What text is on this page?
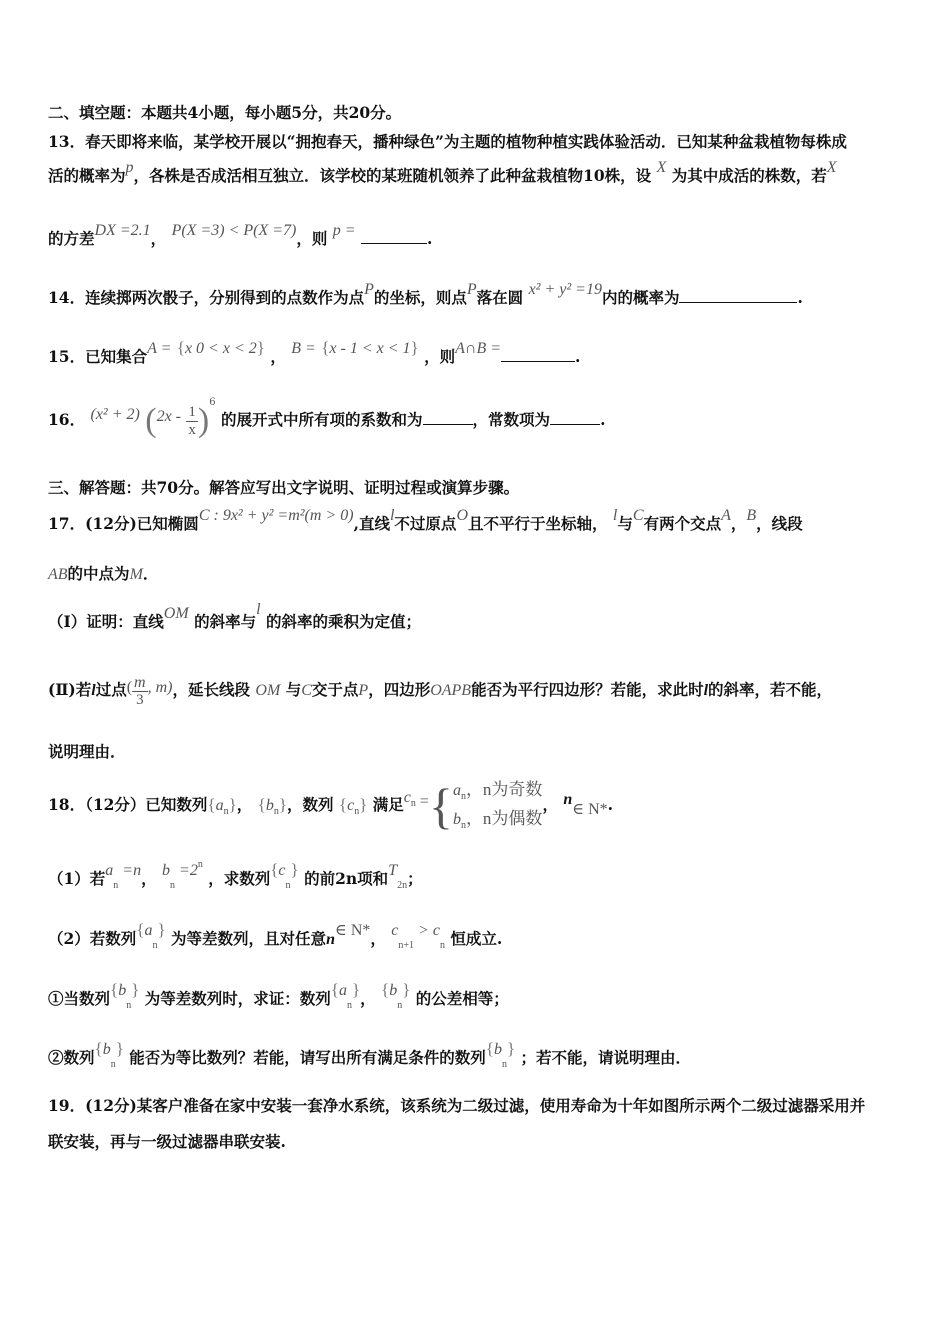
二、填空题：本题共4小题，每小题5分，共20分。
13．春天即将来临，某学校开展以“拥抱春天，播种绿色”为主题的植物种植实践体验活动．已知某种盆栽植物每株成
活的概率为p，各株是否成活相互独立．该学校的某班随机领养了此种盆栽植物10株，设 X 为其中成活的株数，若X
的方差DX =2.1， P(X =3) < P(X =7)，则 p =	.
14．连续掷两次骰子，分别得到的点数作为点P的坐标，则点P落在圆 x² + y² =19内的概率为	.
15．已知集合A = {x 0 < x < 2} ， B = {x - 1 < x < 1} ，则A∩B =	.
16． (x² + 2) $(2x - \frac{1}{x} )^6$ 的展开式中所有项的系数和为	，常数项为	.
三、解答题：共70分。解答应写出文字说明、证明过程或演算步骤。
17．(12分)已知椭圆C : 9x² + y² =m²(m > 0),直线l不过原点O且不平行于坐标轴， l与C有两个交点A，B，线段
AB的中点为M．
（Ⅰ）证明：直线OM 的斜率与l 的斜率的乘积为定值；
(Ⅱ)若l过点( $\frac{m}{3}$ , m)，延长线段 OM 与C交于点P，四边形OAPB能否为平行四边形？若能，求此时l的斜率，若不能，
说明理由．
18．（12分）已知数列$\{a_n\}$， $\{b_n\}$，数列 $\{c_n\}$ 满足$c^n$ ={ $a_n$，n为奇数
$b_n$，n为偶数
， n∈ N*.
（1）若$a_n =n$， $b_n =2^n$ ，求数列$\{c_n\}$ 的前2n项和$T_{2n}$；
（2）若数列$\{a_n\}$ 为等差数列，且对任意n∈ N*， $c_{n+1} > c_n$ 恒成立.
①当数列$\{b_n\}$ 为等差数列时，求证：数列$\{a_n\}$， $\{b_n\}$ 的公差相等；
②数列$\{b_n\}$ 能否为等比数列？若能，请写出所有满足条件的数列$\{b_n\}$ ；若不能，请说明理由．
19．(12分)某客户准备在家中安装一套净水系统，该系统为二级过滤，使用寿命为十年如图所示两个二级过滤器采用并
联安装，再与一级过滤器串联安装.
